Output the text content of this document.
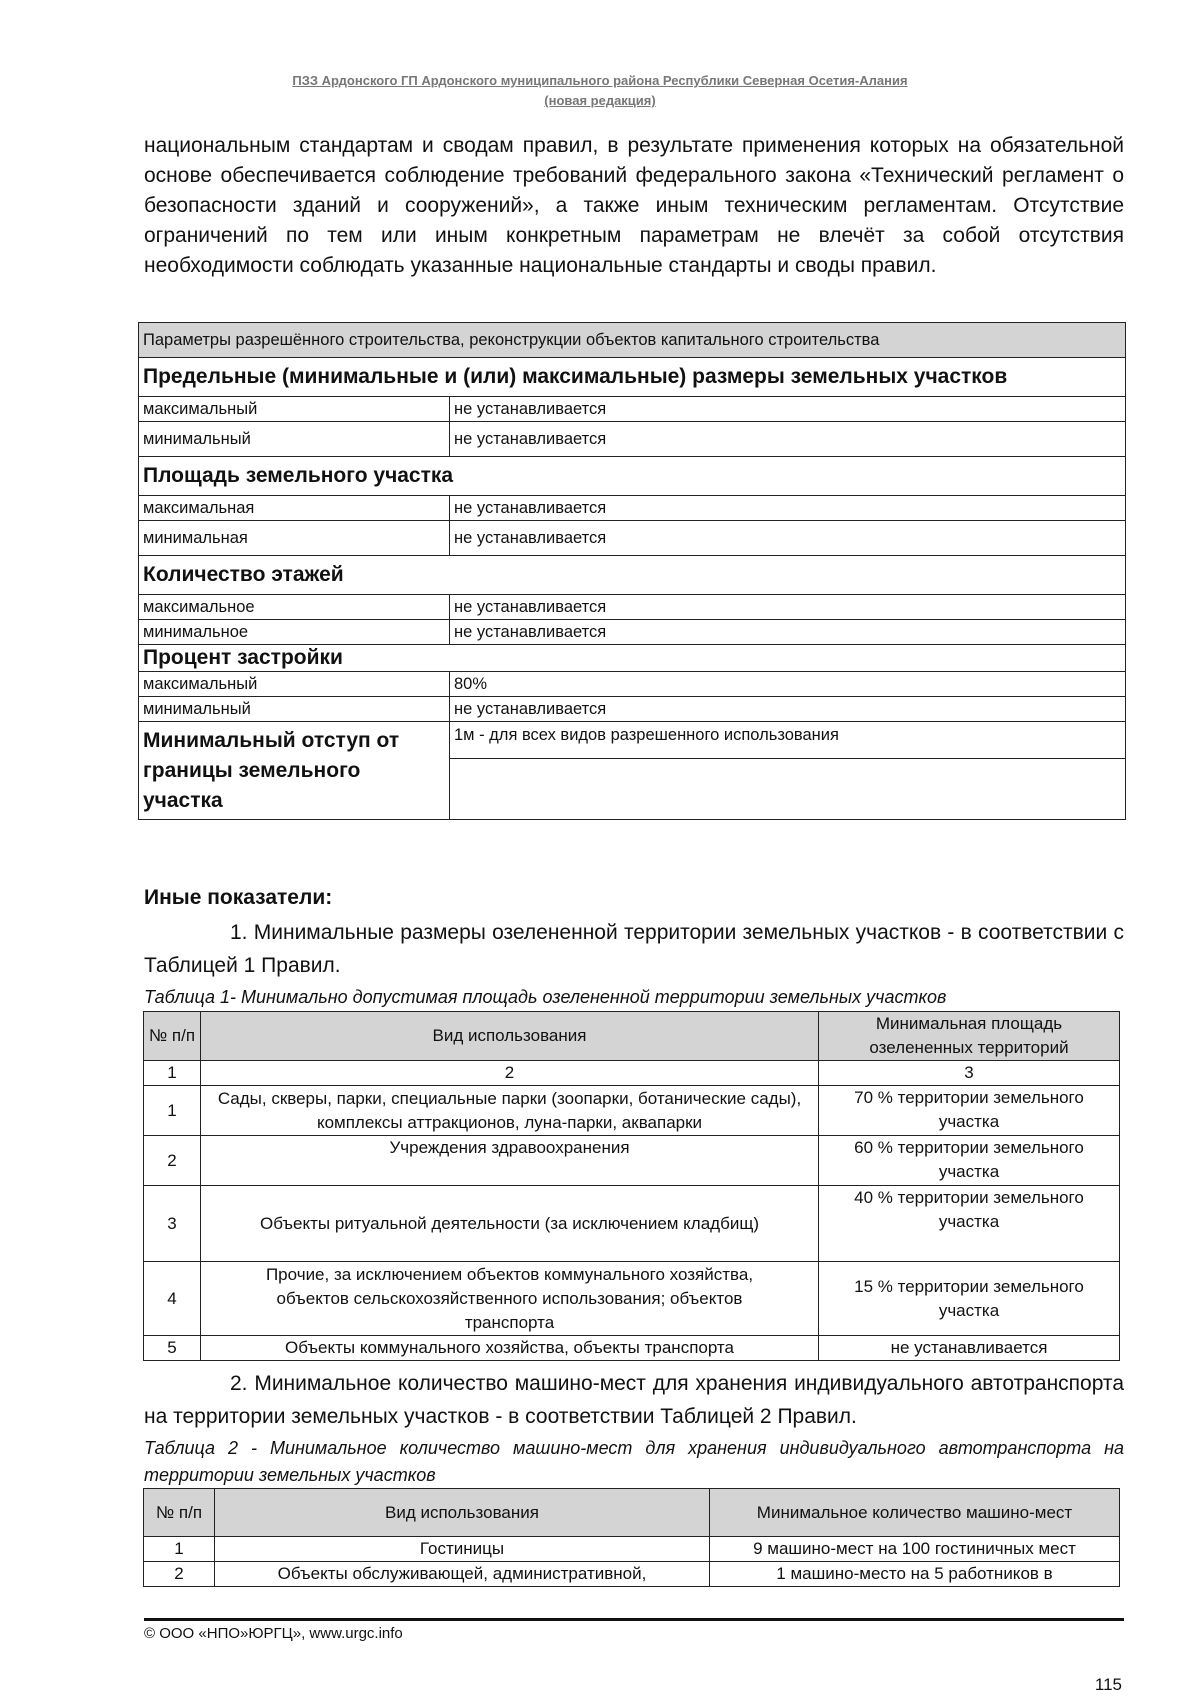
ПЗЗ Ардонского ГП Ардонского муниципального района Республики Северная Осетия-Алания
(новая редакция)
национальным стандартам и сводам правил, в результате применения которых на обязательной основе обеспечивается соблюдение требований федерального закона «Технический регламент о безопасности зданий и сооружений», а также иным техническим регламентам. Отсутствие ограничений по тем или иным конкретным параметрам не влечёт за собой отсутствия необходимости соблюдать указанные национальные стандарты и своды правил.
Параметры разрешённого строительства, реконструкции объектов капитального строительства	
Предельные (минимальные и (или) максимальные) размеры земельных участков	
максимальный	не устанавливается
минимальный	не устанавливается
Площадь земельного участка	
максимальная	не устанавливается
минимальная	не устанавливается
Количество этажей	
максимальное	не устанавливается
минимальное	не устанавливается
Процент застройки	
максимальный	80%
минимальный	не устанавливается
Минимальный отступ от границы земельного участка	1м - для всех видов разрешенного использования

Иные показатели:
1. Минимальные размеры озелененной территории земельных участков - в соответствии с Таблицей 1 Правил.
Таблица 1- Минимально допустимая площадь озелененной территории земельных участков
№ п/п	Вид использования	Минимальная площадь озелененных территорий
1	2	3
1	Сады, скверы, парки, специальные парки (зоопарки, ботанические сады), комплексы аттракционов, луна-парки, аквапарки	70 % территории земельного участка
2	Учреждения здравоохранения	60 % территории земельного участка
3	Объекты ритуальной деятельности (за исключением кладбищ)	40 % территории земельного участка
4	Прочие, за исключением объектов коммунального хозяйства, объектов сельскохозяйственного использования; объектов транспорта	15 % территории земельного участка
5	Объекты коммунального хозяйства, объекты транспорта	не устанавливается
2. Минимальное количество машино-мест для хранения индивидуального автотранспорта на территории земельных участков - в соответствии Таблицей 2 Правил.
Таблица 2 - Минимальное количество машино-мест для хранения индивидуального автотранспорта на территории земельных участков
№ п/п	Вид использования	Минимальное количество машино-мест
1	Гостиницы	9 машино-мест на 100 гостиничных мест
2	Объекты обслуживающей, административной,	1 машино-место на 5 работников в
© ООО «НПО»ЮРГЦ», www.urgc.info
115
